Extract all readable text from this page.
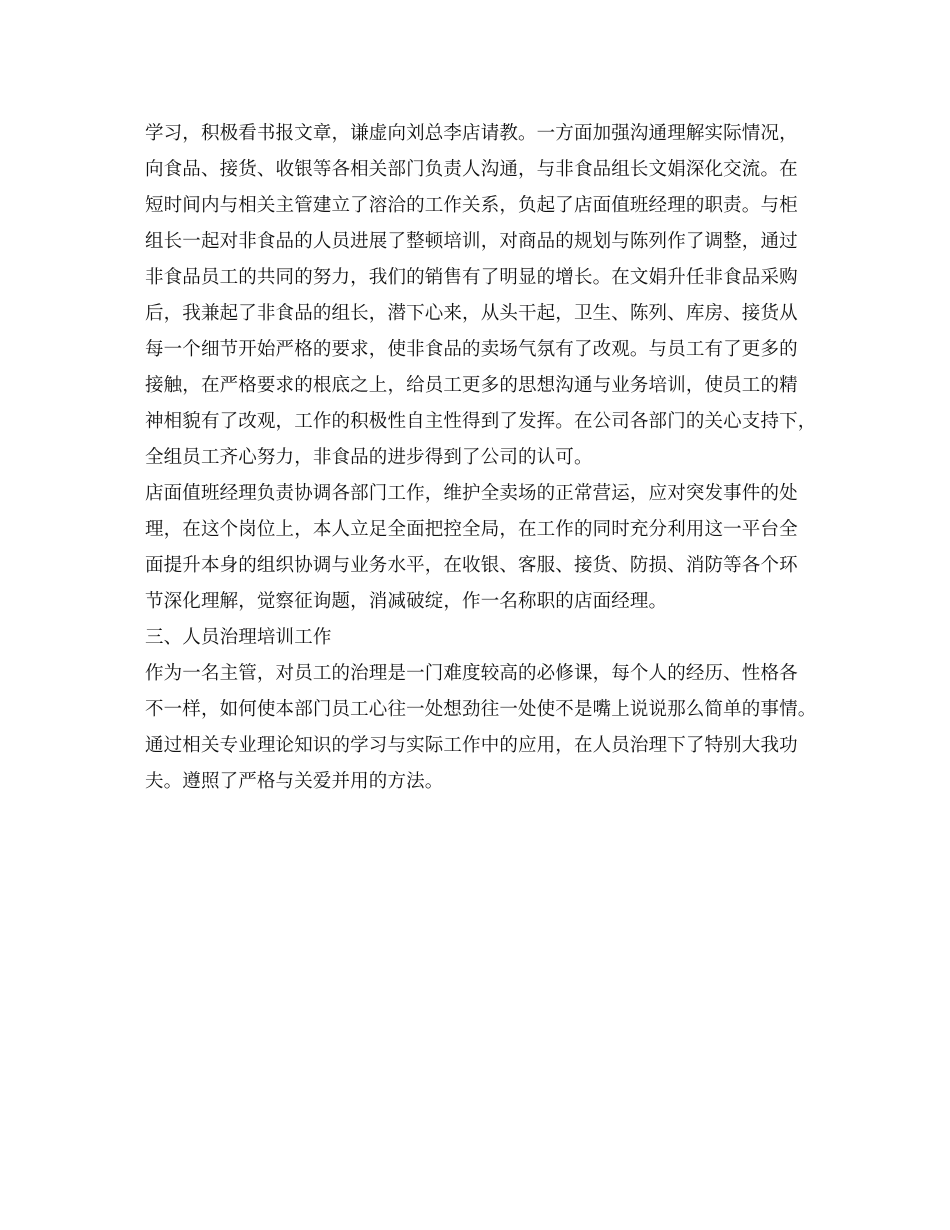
学习，积极看书报文章，谦虚向刘总李店请教。一方面加强沟通理解实际情况，
向食品、接货、收银等各相关部门负责人沟通，与非食品组长文娟深化交流。在
短时间内与相关主管建立了溶洽的工作关系，负起了店面值班经理的职责。与柜
组长一起对非食品的人员进展了整顿培训，对商品的规划与陈列作了调整，通过
非食品员工的共同的努力，我们的销售有了明显的增长。在文娟升任非食品采购
后，我兼起了非食品的组长，潜下心来，从头干起，卫生、陈列、库房、接货从
每一个细节开始严格的要求，使非食品的卖场气氛有了改观。与员工有了更多的
接触，在严格要求的根底之上，给员工更多的思想沟通与业务培训，使员工的精
神相貌有了改观，工作的积极性自主性得到了发挥。在公司各部门的关心支持下，
全组员工齐心努力，非食品的进步得到了公司的认可。
店面值班经理负责协调各部门工作，维护全卖场的正常营运，应对突发事件的处
理，在这个岗位上，本人立足全面把控全局，在工作的同时充分利用这一平台全
面提升本身的组织协调与业务水平，在收银、客服、接货、防损、消防等各个环
节深化理解，觉察征询题，消减破绽，作一名称职的店面经理。
三、人员治理培训工作
作为一名主管，对员工的治理是一门难度较高的必修课，每个人的经历、性格各
不一样，如何使本部门员工心往一处想劲往一处使不是嘴上说说那么简单的事情。
通过相关专业理论知识的学习与实际工作中的应用，在人员治理下了特别大我功
夫。遵照了严格与关爱并用的方法。
